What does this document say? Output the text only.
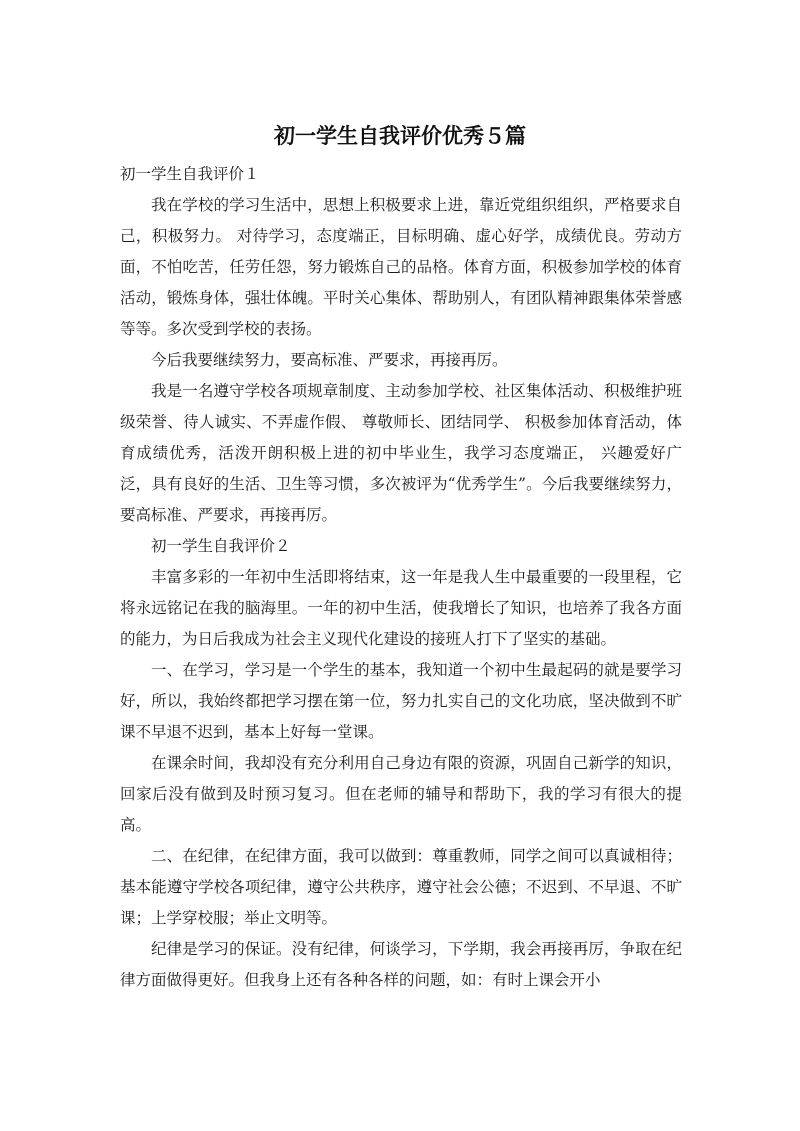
初一学生自我评价优秀５篇

初一学生自我评价１

我在学校的学习生活中，思想上积极要求上进，靠近党组织组织，严格要求自己，积极努力。 对待学习，态度端正，目标明确、虚心好学，成绩优良。劳动方面，不怕吃苦，任劳任怨，努力锻炼自己的品格。体育方面，积极参加学校的体育活动，锻炼身体，强壮体魄。平时关心集体、帮助别人，有团队精神跟集体荣誉感等等。多次受到学校的表扬。

今后我要继续努力，要高标准、严要求，再接再厉。

我是一名遵守学校各项规章制度、主动参加学校、社区集体活动、积极维护班级荣誉、待人诚实、不弄虚作假、 尊敬师长、团结同学、 积极参加体育活动，体育成绩优秀，活泼开朗积极上进的初中毕业生，我学习态度端正， 兴趣爱好广泛，具有良好的生活、卫生等习惯，多次被评为“优秀学生”。今后我要继续努力，要高标准、严要求，再接再厉。

初一学生自我评价２

丰富多彩的一年初中生活即将结束，这一年是我人生中最重要的一段里程，它将永远铭记在我的脑海里。一年的初中生活，使我增长了知识，也培养了我各方面的能力，为日后我成为社会主义现代化建设的接班人打下了坚实的基础。

一、在学习，学习是一个学生的基本，我知道一个初中生最起码的就是要学习好，所以，我始终都把学习摆在第一位，努力扎实自己的文化功底，坚决做到不旷课不早退不迟到，基本上好每一堂课。

在课余时间，我却没有充分利用自己身边有限的资源，巩固自己新学的知识，回家后没有做到及时预习复习。但在老师的辅导和帮助下，我的学习有很大的提高。

二、在纪律，在纪律方面，我可以做到：尊重教师，同学之间可以真诚相待；基本能遵守学校各项纪律，遵守公共秩序，遵守社会公德；不迟到、不早退、不旷课；上学穿校服；举止文明等。

纪律是学习的保证。没有纪律，何谈学习，下学期，我会再接再厉，争取在纪律方面做得更好。但我身上还有各种各样的问题，如：有时上课会开小
